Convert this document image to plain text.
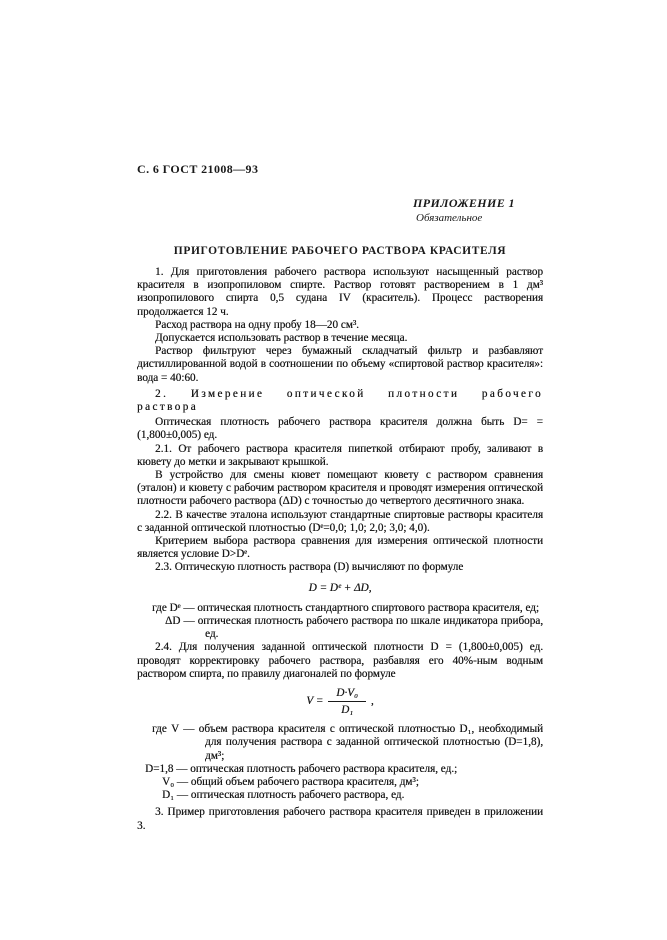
С. 6 ГОСТ 21008—93
ПРИЛОЖЕНИЕ 1
Обязательное
ПРИГОТОВЛЕНИЕ РАБОЧЕГО РАСТВОРА КРАСИТЕЛЯ

1. Для приготовления рабочего раствора используют насыщенный раствор красителя в изопропиловом спирте. Раствор готовят растворением в 1 дм³ изопропилового спирта 0,5 судана IV (краситель). Процесс растворения продолжается 12 ч.

Расход раствора на одну пробу 18—20 см³.

Допускается использовать раствор в течение месяца.

Раствор фильтруют через бумажный складчатый фильтр и разбавляют дистиллированной водой в соотношении по объему «спиртовой раствор красителя»: вода = 40:60.

2. Измерение оптической плотности рабочего раствора

Оптическая плотность рабочего раствора красителя должна быть D= = (1,800±0,005) ед.

2.1. От рабочего раствора красителя пипеткой отбирают пробу, заливают в кювету до метки и закрывают крышкой.

В устройство для смены кювет помещают кювету с раствором сравнения (эталон) и кювету с рабочим раствором красителя и проводят измерения оптической плотности рабочего раствора (ΔD) с точностью до четвертого десятичного знака.

2.2. В качестве эталона используют стандартные спиртовые растворы красителя с заданной оптической плотностью (Dᵉ=0,0; 1,0; 2,0; 3,0; 4,0).

Критерием выбора раствора сравнения для измерения оптической плотности является условие D>Dᵉ.

2.3. Оптическую плотность раствора (D) вычисляют по формуле

D = Dᵉ + ΔD,

где Dᵉ — оптическая плотность стандартного спиртового раствора красителя, ед;

ΔD — оптическая плотность рабочего раствора по шкале индикатора прибора, ед.

2.4. Для получения заданной оптической плотности D = (1,800±0,005) ед. проводят корректировку рабочего раствора, разбавляя его 40%-ным водным раствором спирта, по правилу диагоналей по формуле

$V = \frac{\text{D·V₀}}{\text{D₁}}$ ,

где V — объем раствора красителя с оптической плотностью D₁, необходимый для получения раствора с заданной оптической плотностью (D=1,8), дм³;

D=1,8 — оптическая плотность рабочего раствора красителя, ед.;

V₀ — общий объем рабочего раствора красителя, дм³;

D₁ — оптическая плотность рабочего раствора, ед.

3. Пример приготовления рабочего раствора красителя приведен в приложении 3.
